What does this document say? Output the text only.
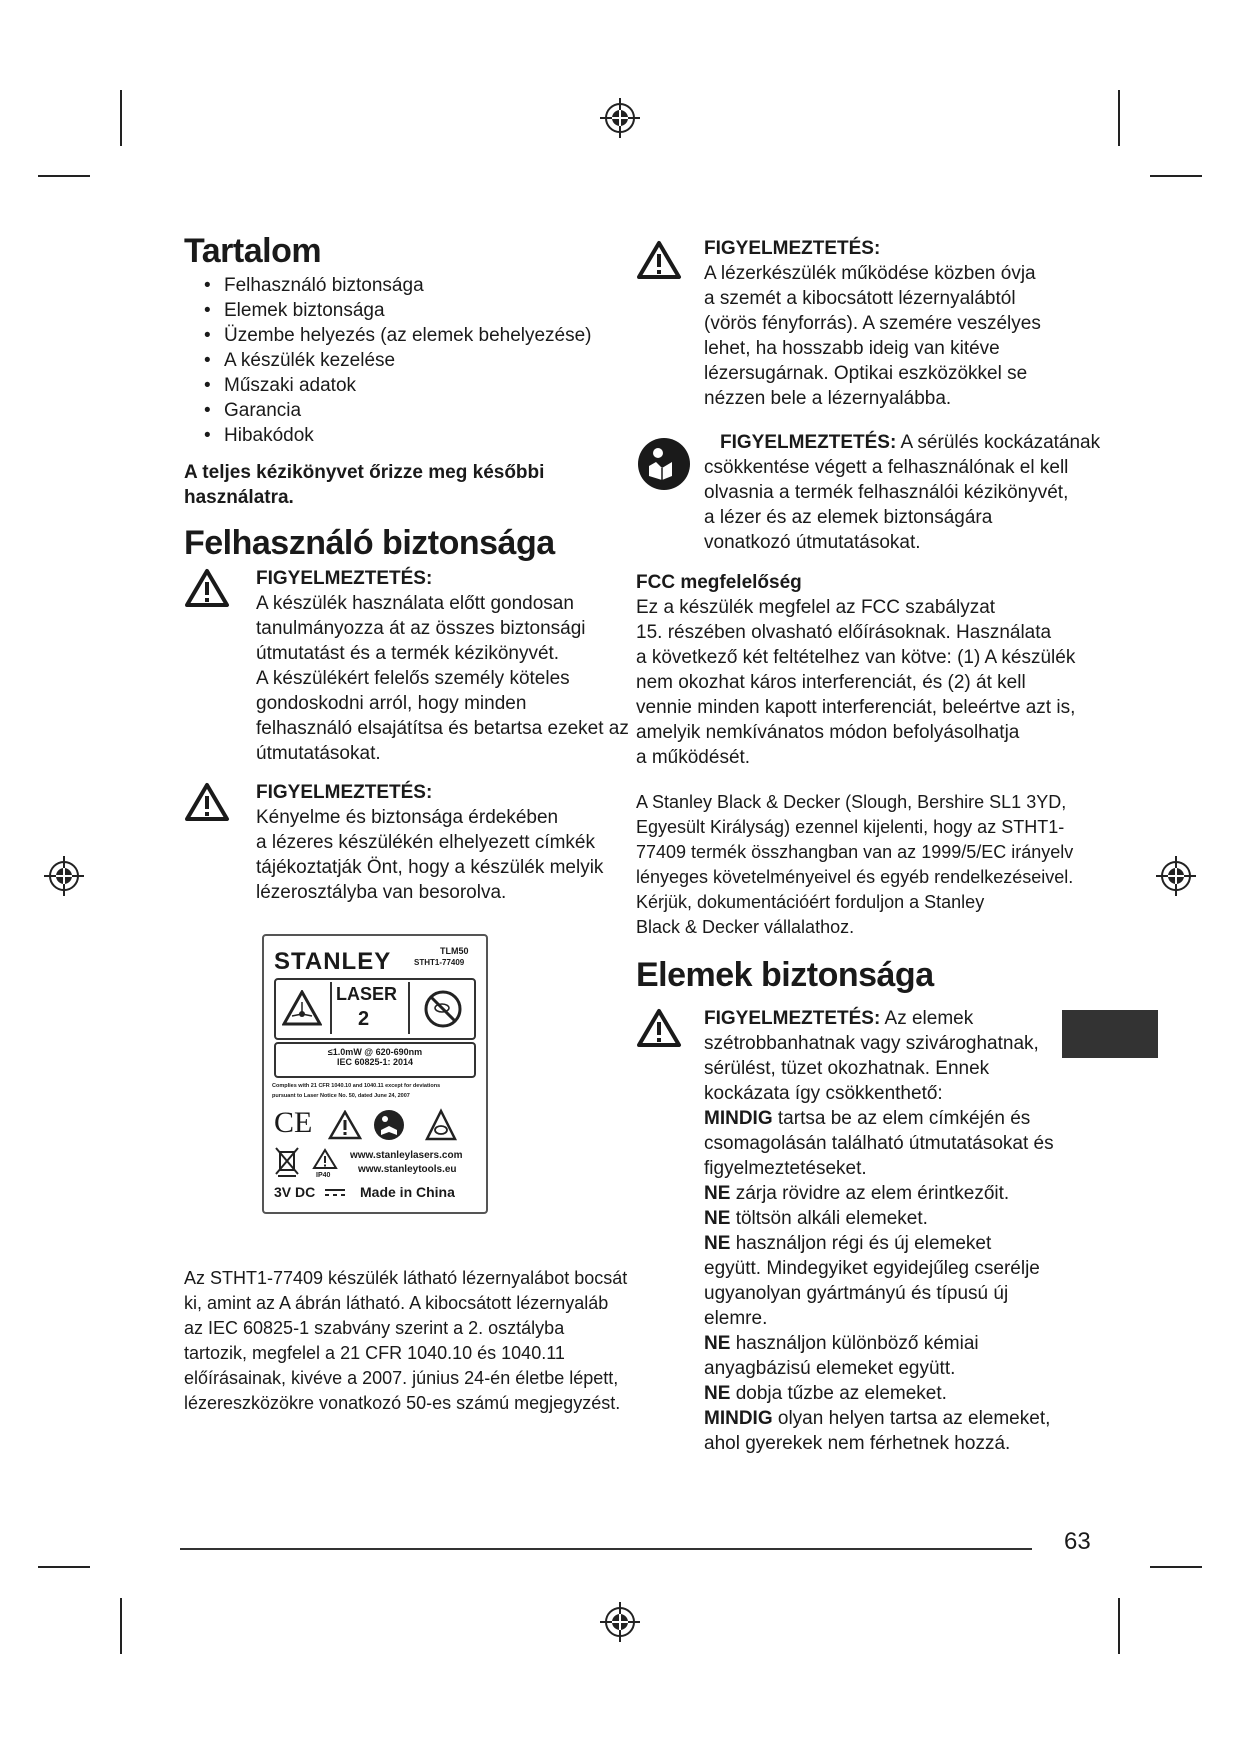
Tartalom
• Felhasználó biztonsága
• Elemek biztonsága
• Üzembe helyezés (az elemek behelyezése)
• A készülék kezelése
• Műszaki adatok
• Garancia
• Hibakódok

A teljes kézikönyvet őrizze meg későbbi használatra.

Felhasználó biztonsága

FIGYELMEZTETÉS:

A készülék használata előtt gondosan

tanulmányozza át az összes biztonsági

útmutatást és a termék kézikönyvét.

A készülékért felelős személy köteles

gondoskodni arról, hogy minden

felhasználó elsajátítsa és betartsa ezeket az

útmutatásokat.

FIGYELMEZTETÉS:

Kényelme és biztonsága érdekében

a lézeres készülékén elhelyezett címkék

tájékoztatják Önt, hogy a készülék melyik

lézerosztályba van besorolva.

STANLEY	TLM50
STHT1-77409
LASER
2
≤1.0mW @ 620-690nm
IEC 60825-1: 2014
Complies with 21 CFR 1040.10 and 1040.11 except for deviations
pursuant to Laser Notice No. 50, dated June 24, 2007
CE
IP40
www.stanleylasers.com
www.stanleytools.eu
3V DC	Made in China

Az STHT1-77409 készülék látható lézernyalábot bocsát

ki, amint az A ábrán látható. A kibocsátott lézernyaláb

az IEC 60825-1 szabvány szerint a 2. osztályba

tartozik, megfelel a 21 CFR 1040.10 és 1040.11

előírásainak, kivéve a 2007. június 24-én életbe lépett,

lézereszközökre vonatkozó 50-es számú megjegyzést.

FIGYELMEZTETÉS:

A lézerkészülék működése közben óvja

a szemét a kibocsátott lézernyalábtól

(vörös fényforrás). A szemére veszélyes

lehet, ha hosszabb ideig van kitéve

lézersugárnak. Optikai eszközökkel se

nézzen bele a lézernyalábba.

FIGYELMEZTETÉS: A sérülés kockázatának

csökkentése végett a felhasználónak el kell

olvasnia a termék felhasználói kézikönyvét,

a lézer és az elemek biztonságára

vonatkozó útmutatásokat.

FCC megfelelőség

Ez a készülék megfelel az FCC szabályzat

15. részében olvasható előírásoknak. Használata

a következő két feltételhez van kötve: (1) A készülék

nem okozhat káros interferenciát, és (2) át kell

vennie minden kapott interferenciát, beleértve azt is,

amelyik nemkívánatos módon befolyásolhatja

a működését.

A Stanley Black & Decker (Slough, Bershire SL1 3YD,

Egyesült Királyság) ezennel kijelenti, hogy az STHT1-

77409 termék összhangban van az 1999/5/EC irányelv

lényeges követelményeivel és egyéb rendelkezéseivel.

Kérjük, dokumentációért forduljon a Stanley

Black & Decker vállalathoz.

Elemek biztonsága

FIGYELMEZTETÉS: Az elemek

szétrobbanhatnak vagy szivároghatnak,

sérülést, tüzet okozhatnak. Ennek

kockázata így csökkenthető:

MINDIG tartsa be az elem címkéjén és

csomagolásán található útmutatásokat és

figyelmeztetéseket.

NE zárja rövidre az elem érintkezőit.

NE töltsön alkáli elemeket.

NE használjon régi és új elemeket

együtt. Mindegyiket egyidejűleg cserélje

ugyanolyan gyártmányú és típusú új

elemre.

NE használjon különböző kémiai

anyagbázisú elemeket együtt.

NE dobja tűzbe az elemeket.

MINDIG olyan helyen tartsa az elemeket,

ahol gyerekek nem férhetnek hozzá.

63
